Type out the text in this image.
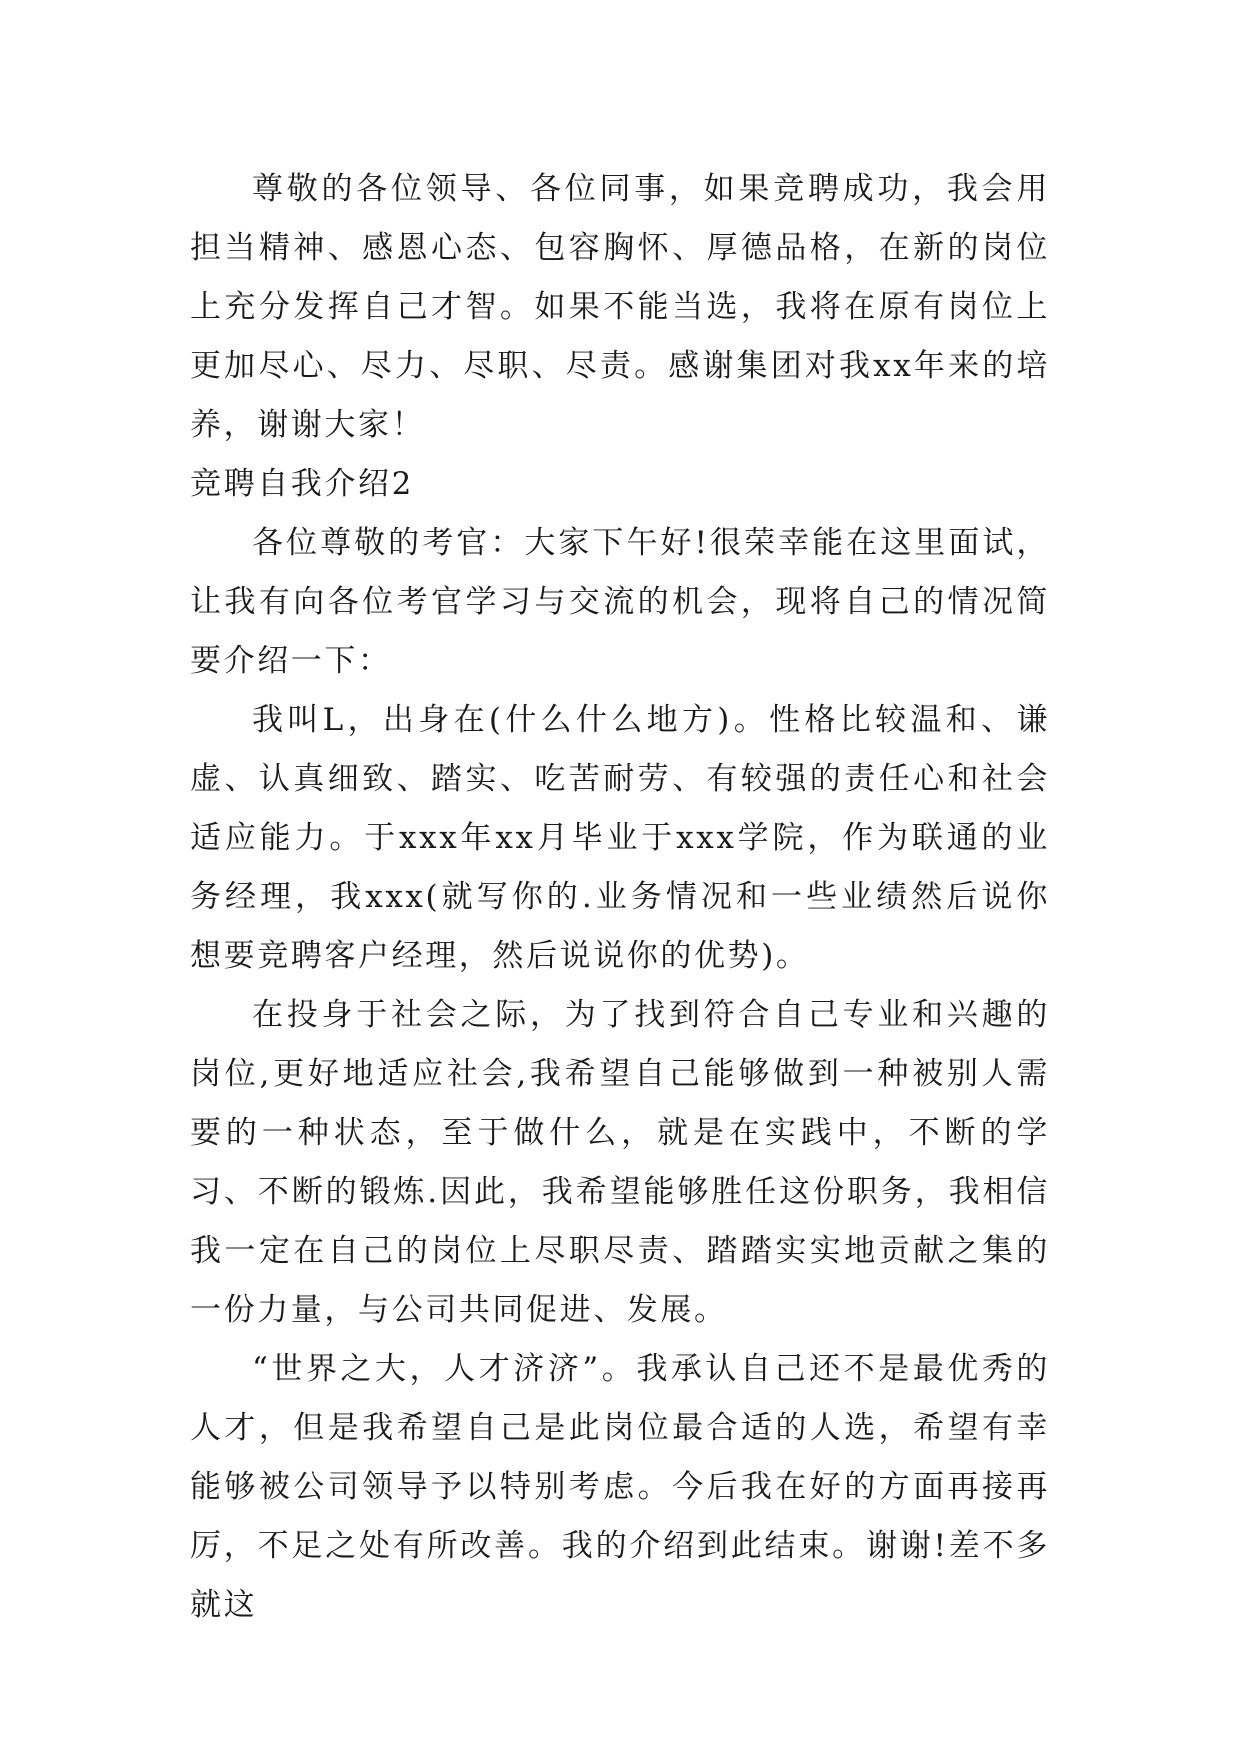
尊敬的各位领导、各位同事，如果竞聘成功，我会用担当精神、感恩心态、包容胸怀、厚德品格，在新的岗位上充分发挥自己才智。如果不能当选，我将在原有岗位上更加尽心、尽力、尽职、尽责。感谢集团对我xx年来的培养，谢谢大家！

竞聘自我介绍2

各位尊敬的考官：大家下午好!很荣幸能在这里面试，让我有向各位考官学习与交流的机会，现将自己的情况简要介绍一下：

我叫L，出身在(什么什么地方)。性格比较温和、谦虚、认真细致、踏实、吃苦耐劳、有较强的责任心和社会适应能力。于xxx年xx月毕业于xxx学院，作为联通的业务经理，我xxx(就写你的.业务情况和一些业绩然后说你想要竞聘客户经理，然后说说你的优势)。

在投身于社会之际，为了找到符合自己专业和兴趣的岗位,更好地适应社会,我希望自己能够做到一种被别人需要的一种状态，至于做什么，就是在实践中，不断的学习、不断的锻炼.因此，我希望能够胜任这份职务，我相信我一定在自己的岗位上尽职尽责、踏踏实实地贡献之集的一份力量，与公司共同促进、发展。

“世界之大，人才济济”。我承认自己还不是最优秀的人才，但是我希望自己是此岗位最合适的人选，希望有幸能够被公司领导予以特别考虑。今后我在好的方面再接再厉，不足之处有所改善。我的介绍到此结束。谢谢!差不多就这
